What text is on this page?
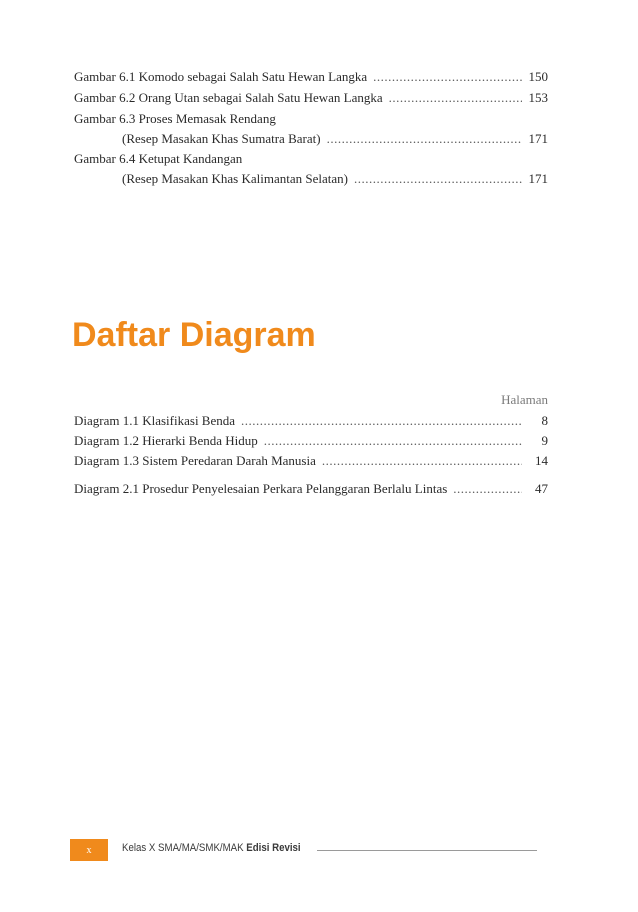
Gambar 6.1 Komodo sebagai Salah Satu Hewan Langka .....	150
Gambar 6.2 Orang Utan sebagai Salah Satu Hewan Langka .....	153
Gambar 6.3 Proses Memasak Rendang
(Resep Masakan Khas Sumatra Barat) .....	171
Gambar 6.4 Ketupat Kandangan
(Resep Masakan Khas Kalimantan Selatan) .....	171
Daftar Diagram
Halaman
Diagram 1.1 Klasifikasi Benda .....	8
Diagram 1.2 Hierarki Benda Hidup .....	9
Diagram 1.3 Sistem Peredaran Darah Manusia .....	14
Diagram 2.1 Prosedur Penyelesaian Perkara Pelanggaran Berlalu Lintas .....	47
x	Kelas X SMA/MA/SMK/MAK Edisi Revisi
